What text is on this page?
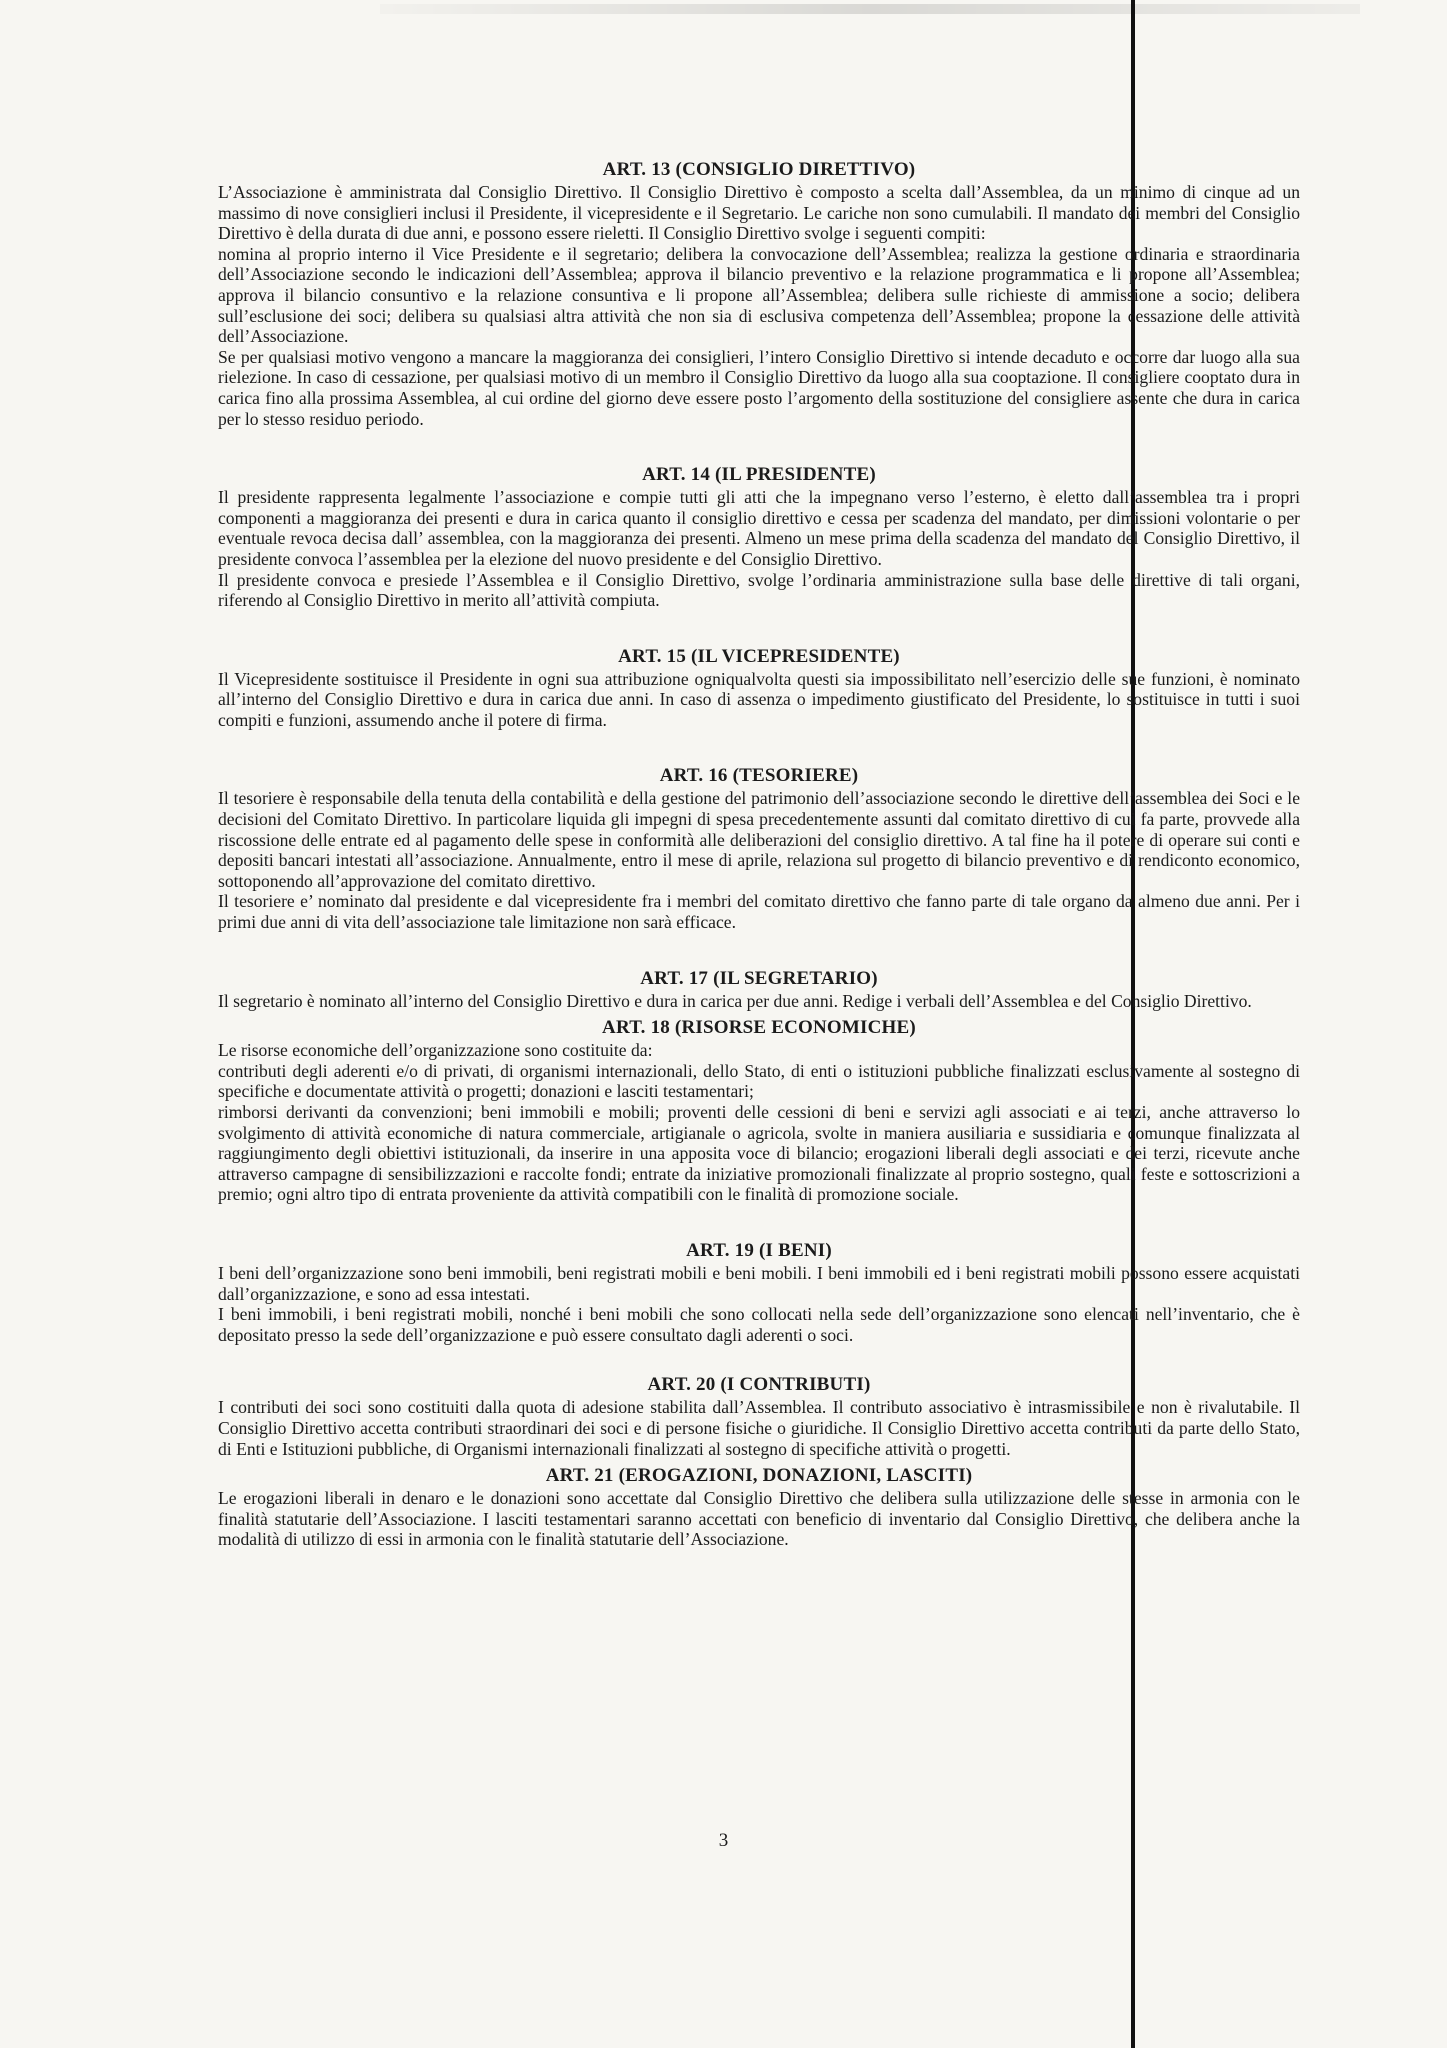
ART. 13 (CONSIGLIO DIRETTIVO)

L’Associazione è amministrata dal Consiglio Direttivo. Il Consiglio Direttivo è composto a scelta dall’Assemblea, da un minimo di cinque ad un massimo di nove consiglieri inclusi il Presidente, il vicepresidente e il Segretario. Le cariche non sono cumulabili. Il mandato dei membri del Consiglio Direttivo è della durata di due anni, e possono essere rieletti. Il Consiglio Direttivo svolge i seguenti compiti:

nomina al proprio interno il Vice Presidente e il segretario; delibera la convocazione dell’Assemblea; realizza la gestione ordinaria e straordinaria dell’Associazione secondo le indicazioni dell’Assemblea; approva il bilancio preventivo e la relazione programmatica e li propone all’Assemblea; approva il bilancio consuntivo e la relazione consuntiva e li propone all’Assemblea; delibera sulle richieste di ammissione a socio; delibera sull’esclusione dei soci; delibera su qualsiasi altra attività che non sia di esclusiva competenza dell’Assemblea; propone la cessazione delle attività dell’Associazione.

Se per qualsiasi motivo vengono a mancare la maggioranza dei consiglieri, l’intero Consiglio Direttivo si intende decaduto e occorre dar luogo alla sua rielezione. In caso di cessazione, per qualsiasi motivo di un membro il Consiglio Direttivo da luogo alla sua cooptazione. Il consigliere cooptato dura in carica fino alla prossima Assemblea, al cui ordine del giorno deve essere posto l’argomento della sostituzione del consigliere assente che dura in carica per lo stesso residuo periodo.

ART. 14 (IL PRESIDENTE)

Il presidente rappresenta legalmente l’associazione e compie tutti gli atti che la impegnano verso l’esterno, è eletto dall’assemblea tra i propri componenti a maggioranza dei presenti e dura in carica quanto il consiglio direttivo e cessa per scadenza del mandato, per dimissioni volontarie o per eventuale revoca decisa dall’ assemblea, con la maggioranza dei presenti. Almeno un mese prima della scadenza del mandato del Consiglio Direttivo, il presidente convoca l’assemblea per la elezione del nuovo presidente e del Consiglio Direttivo.

Il presidente convoca e presiede l’Assemblea e il Consiglio Direttivo, svolge l’ordinaria amministrazione sulla base delle direttive di tali organi, riferendo al Consiglio Direttivo in merito all’attività compiuta.

ART. 15 (IL VICEPRESIDENTE)

Il Vicepresidente sostituisce il Presidente in ogni sua attribuzione ogniqualvolta questi sia impossibilitato nell’esercizio delle sue funzioni, è nominato all’interno del Consiglio Direttivo e dura in carica due anni. In caso di assenza o impedimento giustificato del Presidente, lo sostituisce in tutti i suoi compiti e funzioni, assumendo anche il potere di firma.

ART. 16 (TESORIERE)

Il tesoriere è responsabile della tenuta della contabilità e della gestione del patrimonio dell’associazione secondo le direttive dell’assemblea dei Soci e le decisioni del Comitato Direttivo. In particolare liquida gli impegni di spesa precedentemente assunti dal comitato direttivo di cui fa parte, provvede alla riscossione delle entrate ed al pagamento delle spese in conformità alle deliberazioni del consiglio direttivo. A tal fine ha il potere di operare sui conti e depositi bancari intestati all’associazione. Annualmente, entro il mese di aprile, relaziona sul progetto di bilancio preventivo e di rendiconto economico, sottoponendo all’approvazione del comitato direttivo.

Il tesoriere e’ nominato dal presidente e dal vicepresidente fra i membri del comitato direttivo che fanno parte di tale organo da almeno due anni. Per i primi due anni di vita dell’associazione tale limitazione non sarà efficace.

ART. 17 (IL SEGRETARIO)

Il segretario è nominato all’interno del Consiglio Direttivo e dura in carica per due anni. Redige i verbali dell’Assemblea e del Consiglio Direttivo.

ART. 18 (RISORSE ECONOMICHE)

Le risorse economiche dell’organizzazione sono costituite da:

contributi degli aderenti e/o di privati, di organismi internazionali, dello Stato, di enti o istituzioni pubbliche finalizzati esclusivamente al sostegno di specifiche e documentate attività o progetti; donazioni e lasciti testamentari;

rimborsi derivanti da convenzioni; beni immobili e mobili; proventi delle cessioni di beni e servizi agli associati e ai terzi, anche attraverso lo svolgimento di attività economiche di natura commerciale, artigianale o agricola, svolte in maniera ausiliaria e sussidiaria e comunque finalizzata al raggiungimento degli obiettivi istituzionali, da inserire in una apposita voce di bilancio; erogazioni liberali degli associati e dei terzi, ricevute anche attraverso campagne di sensibilizzazioni e raccolte fondi; entrate da iniziative promozionali finalizzate al proprio sostegno, quali feste e sottoscrizioni a premio; ogni altro tipo di entrata proveniente da attività compatibili con le finalità di promozione sociale.

ART. 19 (I BENI)

I beni dell’organizzazione sono beni immobili, beni registrati mobili e beni mobili. I beni immobili ed i beni registrati mobili possono essere acquistati dall’organizzazione, e sono ad essa intestati.

I beni immobili, i beni registrati mobili, nonché i beni mobili che sono collocati nella sede dell’organizzazione sono elencati nell’inventario, che è depositato presso la sede dell’organizzazione e può essere consultato dagli aderenti o soci.

ART. 20 (I CONTRIBUTI)

I contributi dei soci sono costituiti dalla quota di adesione stabilita dall’Assemblea. Il contributo associativo è intrasmissibile e non è rivalutabile. Il Consiglio Direttivo accetta contributi straordinari dei soci e di persone fisiche o giuridiche. Il Consiglio Direttivo accetta contributi da parte dello Stato, di Enti e Istituzioni pubbliche, di Organismi internazionali finalizzati al sostegno di specifiche attività o progetti.

ART. 21 (EROGAZIONI, DONAZIONI, LASCITI)

Le erogazioni liberali in denaro e le donazioni sono accettate dal Consiglio Direttivo che delibera sulla utilizzazione delle stesse in armonia con le finalità statutarie dell’Associazione. I lasciti testamentari saranno accettati con beneficio di inventario dal Consiglio Direttivo, che delibera anche la modalità di utilizzo di essi in armonia con le finalità statutarie dell’Associazione.

3
